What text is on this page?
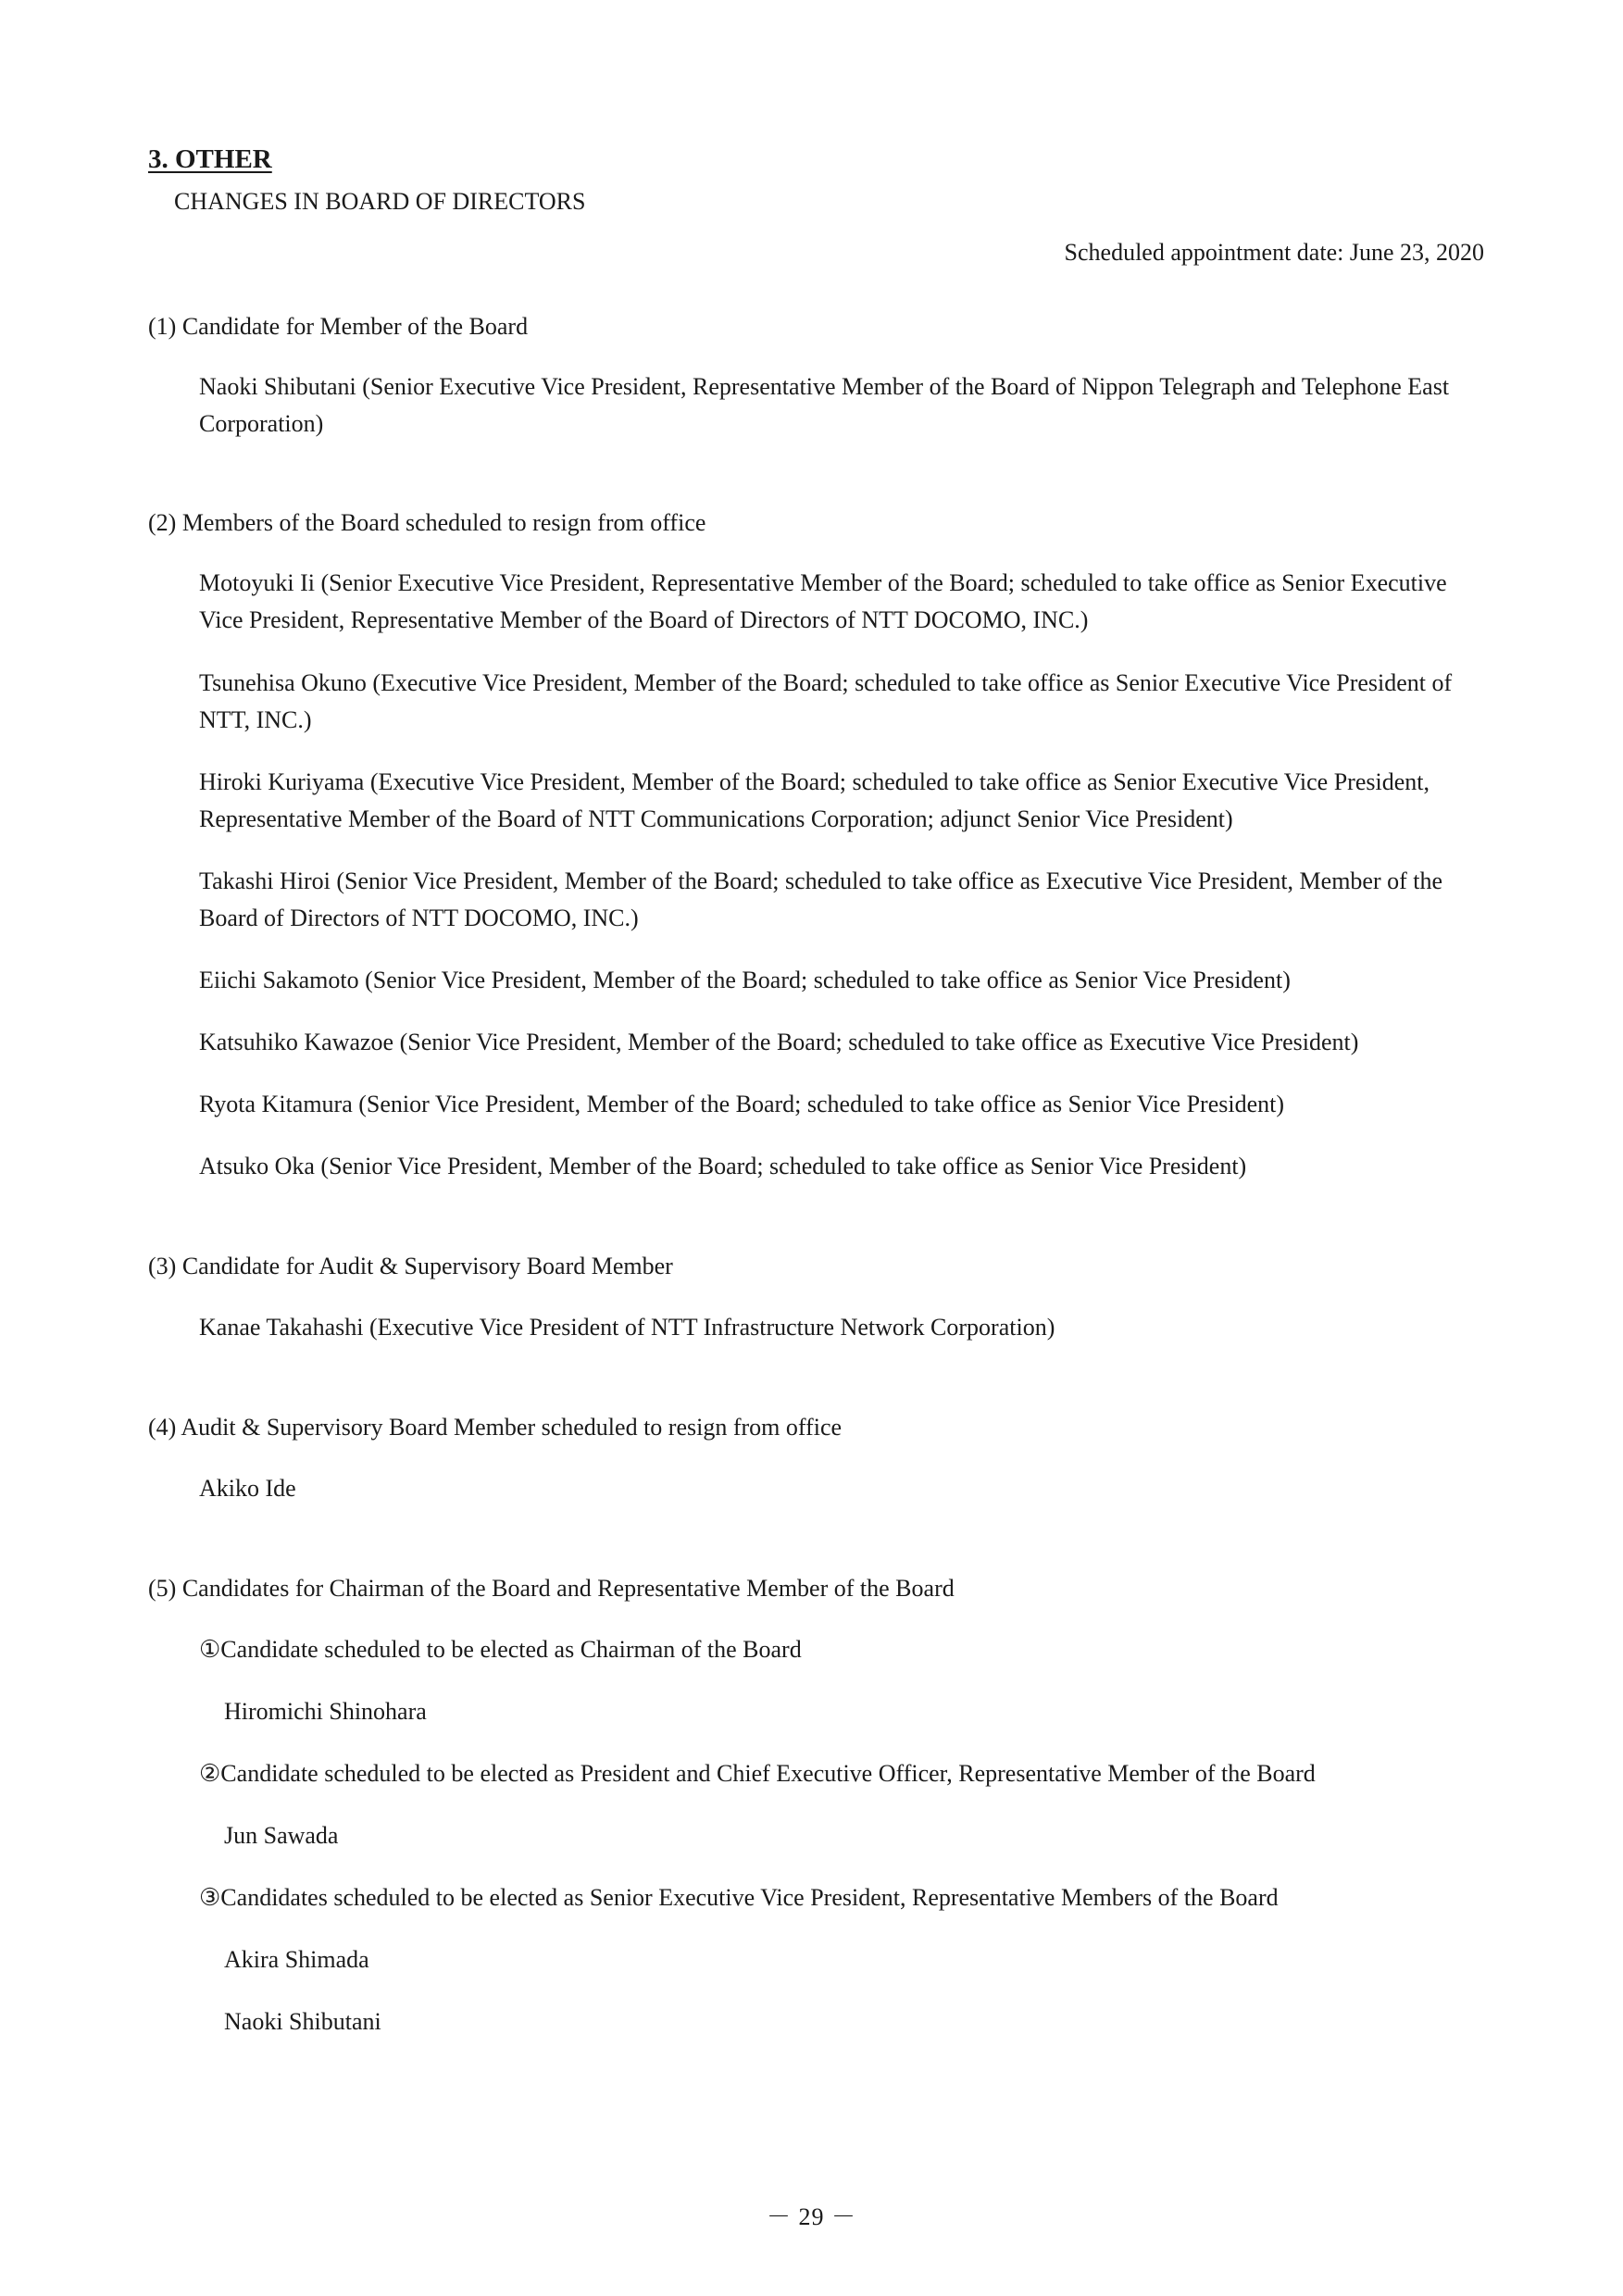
3. OTHER
CHANGES IN BOARD OF DIRECTORS
Scheduled appointment date: June 23, 2020
(1) Candidate for Member of the Board
Naoki Shibutani (Senior Executive Vice President, Representative Member of the Board of Nippon Telegraph and Telephone East Corporation)
(2) Members of the Board scheduled to resign from office
Motoyuki Ii (Senior Executive Vice President, Representative Member of the Board; scheduled to take office as Senior Executive Vice President, Representative Member of the Board of Directors of NTT DOCOMO, INC.)
Tsunehisa Okuno (Executive Vice President, Member of the Board; scheduled to take office as Senior Executive Vice President of NTT, INC.)
Hiroki Kuriyama (Executive Vice President, Member of the Board; scheduled to take office as Senior Executive Vice President, Representative Member of the Board of NTT Communications Corporation; adjunct Senior Vice President)
Takashi Hiroi (Senior Vice President, Member of the Board; scheduled to take office as Executive Vice President, Member of the Board of Directors of NTT DOCOMO, INC.)
Eiichi Sakamoto (Senior Vice President, Member of the Board; scheduled to take office as Senior Vice President)
Katsuhiko Kawazoe (Senior Vice President, Member of the Board; scheduled to take office as Executive Vice President)
Ryota Kitamura (Senior Vice President, Member of the Board; scheduled to take office as Senior Vice President)
Atsuko Oka (Senior Vice President, Member of the Board; scheduled to take office as Senior Vice President)
(3) Candidate for Audit & Supervisory Board Member
Kanae Takahashi (Executive Vice President of NTT Infrastructure Network Corporation)
(4) Audit & Supervisory Board Member scheduled to resign from office
Akiko Ide
(5) Candidates for Chairman of the Board and Representative Member of the Board
①Candidate scheduled to be elected as Chairman of the Board
Hiromichi Shinohara
②Candidate scheduled to be elected as President and Chief Executive Officer, Representative Member of the Board
Jun Sawada
③Candidates scheduled to be elected as Senior Executive Vice President, Representative Members of the Board
Akira Shimada
Naoki Shibutani
－ 29 －
